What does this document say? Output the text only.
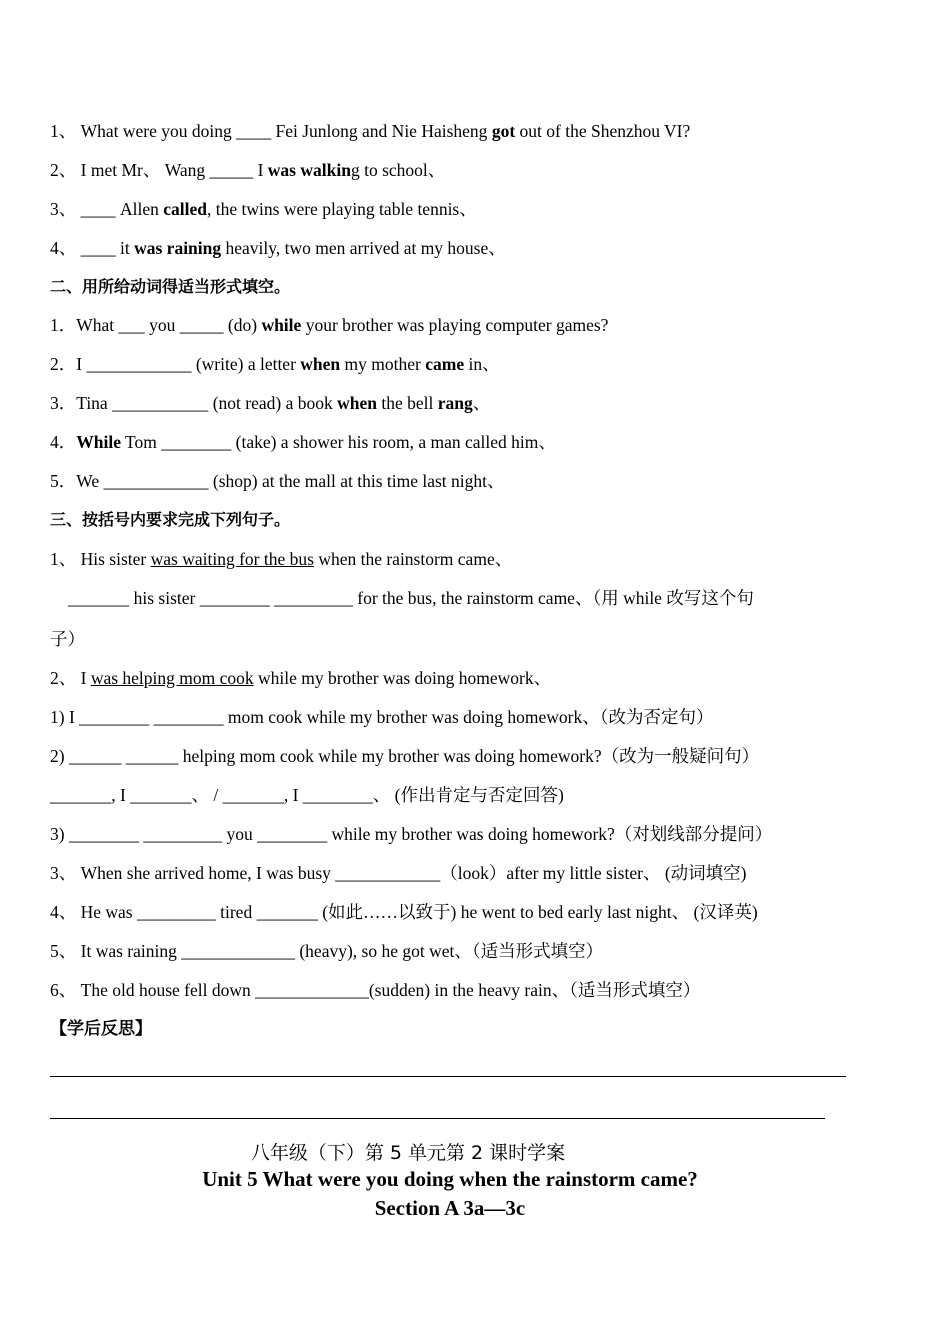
1、 What were you doing ____ Fei Junlong and Nie Haisheng got out of the Shenzhou VI?
2、 I met Mr、 Wang _____ I was walking to school、
3、 ____ Allen called, the twins were playing table tennis、
4、 ____ it was raining heavily, two men arrived at my house、
二、用所给动词得适当形式填空。
1．What ___ you _____ (do) while your brother was playing computer games?
2．I ____________ (write) a letter when my mother came in、
3．Tina ___________ (not read) a book when the bell rang、
4．While Tom ________ (take) a shower his room, a man called him、
5．We ____________ (shop) at the mall at this time last night、
三、按括号内要求完成下列句子。
1、 His sister was waiting for the bus when the rainstorm came、
_______ his sister ________ _________ for the bus, the rainstorm came、（用 while 改写这个句
子）
2、 I was helping mom cook while my brother was doing homework、
1) I ________ ________ mom cook while my brother was doing homework、（改为否定句）
2) ______ ______ helping mom cook while my brother was doing homework?（改为一般疑问句）
_______, I _______、 / _______, I ________、 (作出肯定与否定回答)
3) ________ _________ you ________ while my brother was doing homework?（对划线部分提问）
3、 When she arrived home, I was busy ____________（look）after my little sister、 (动词填空)
4、 He was _________ tired _______ (如此……以致于) he went to bed early last night、 (汉译英)
5、 It was raining _____________ (heavy), so he got wet、（适当形式填空）
6、 The old house fell down _____________(sudden) in the heavy rain、（适当形式填空）
【学后反思】
八年级（下）第 5 单元第 2 课时学案
Unit 5 What were you doing when the rainstorm came?
Section A 3a—3c
